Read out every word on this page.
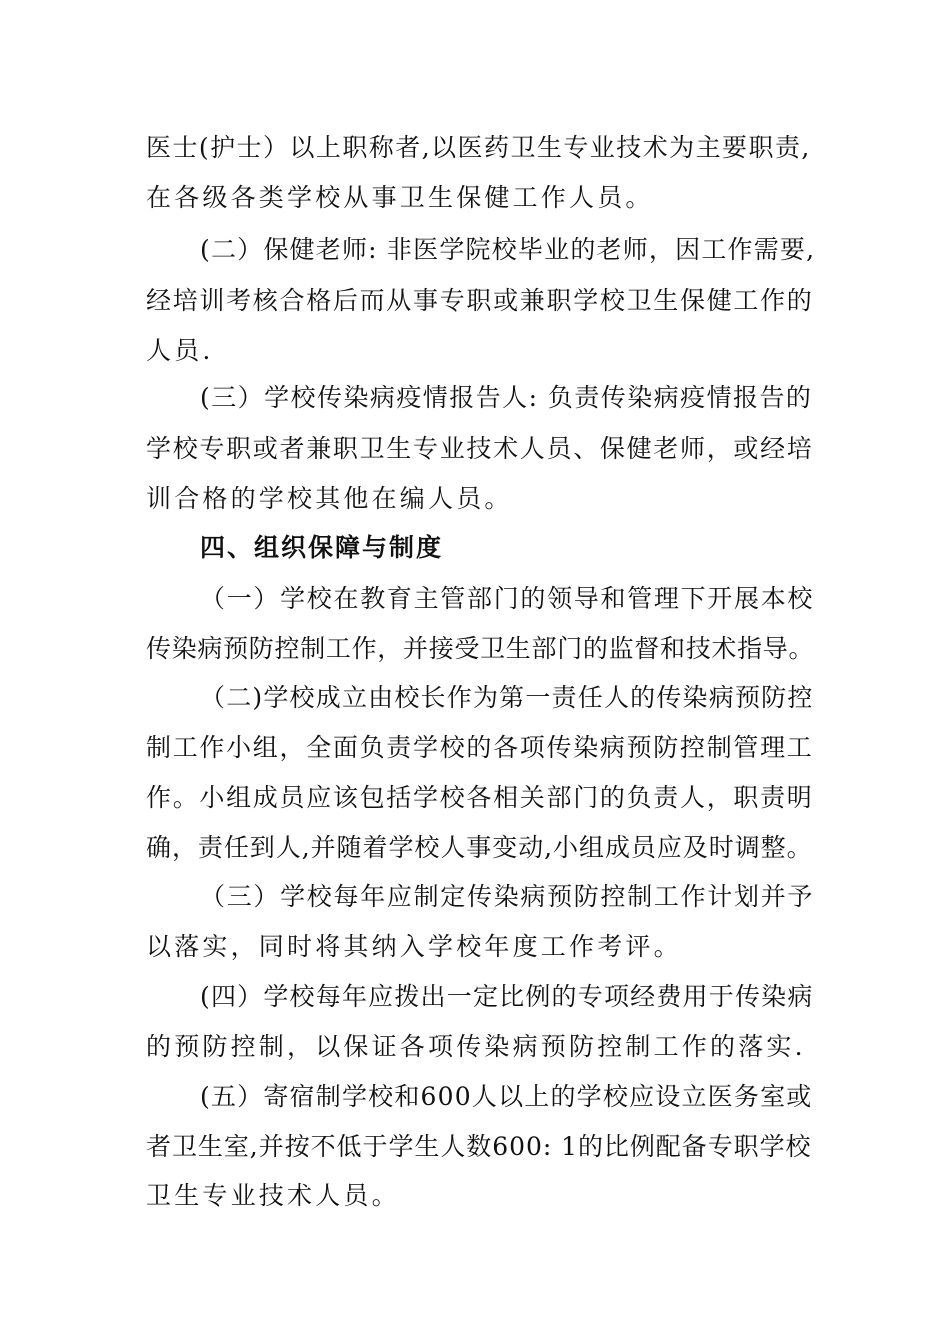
医士(护士）以上职称者,以医药卫生专业技术为主要职责,
在各级各类学校从事卫生保健工作人员。
(二）保健老师: 非医学院校毕业的老师，因工作需要,
经培训考核合格后而从事专职或兼职学校卫生保健工作的
人员.
(三）学校传染病疫情报告人: 负责传染病疫情报告的
学校专职或者兼职卫生专业技术人员、保健老师，或经培
训合格的学校其他在编人员。
四、组织保障与制度
（一）学校在教育主管部门的领导和管理下开展本校
传染病预防控制工作，并接受卫生部门的监督和技术指导。
（二)学校成立由校长作为第一责任人的传染病预防控
制工作小组，全面负责学校的各项传染病预防控制管理工
作。小组成员应该包括学校各相关部门的负责人，职责明
确，责任到人,并随着学校人事变动,小组成员应及时调整。
（三）学校每年应制定传染病预防控制工作计划并予
以落实，同时将其纳入学校年度工作考评。
(四）学校每年应拨出一定比例的专项经费用于传染病
的预防控制，以保证各项传染病预防控制工作的落实.
(五）寄宿制学校和600人以上的学校应设立医务室或
者卫生室,并按不低于学生人数600: 1的比例配备专职学校
卫生专业技术人员。
